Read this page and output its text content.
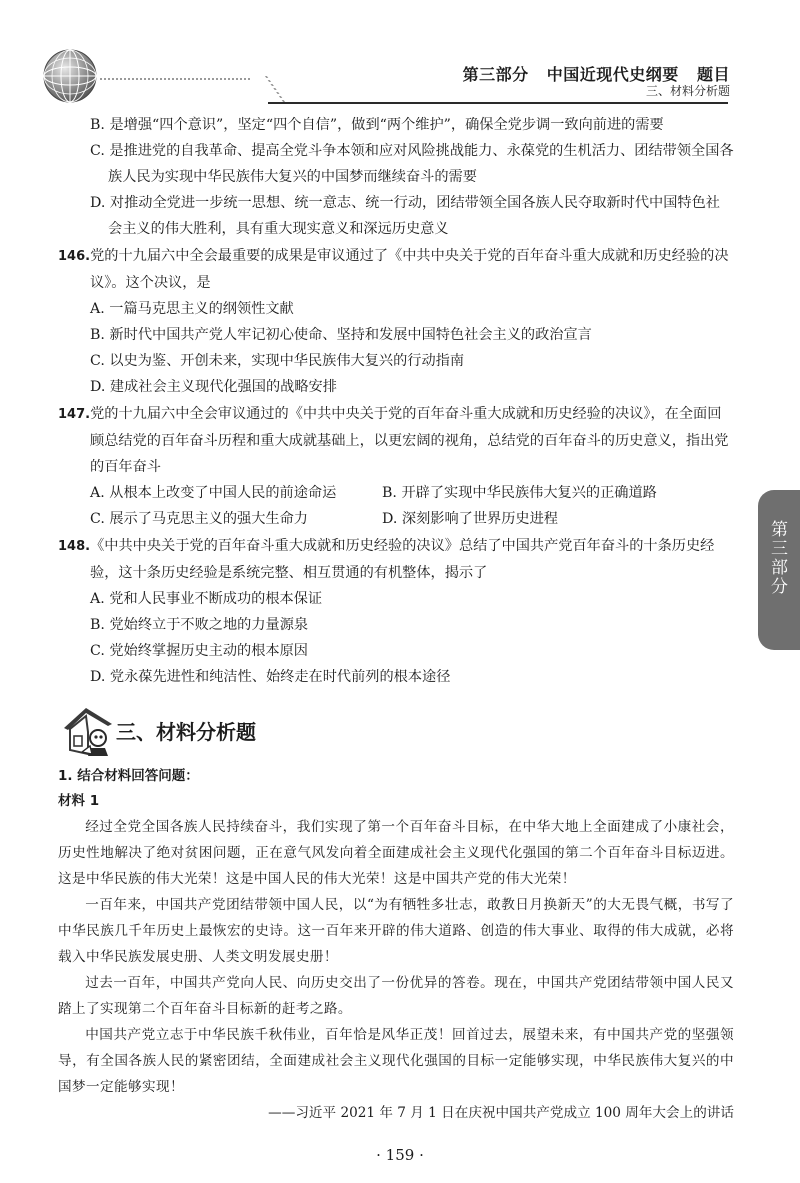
第三部分   中国近现代史纲要   题目
三、材料分析题
第三部分
B. 是增强“四个意识”，坚定“四个自信”，做到“两个维护”，确保全党步调一致向前进的需要
C. 是推进党的自我革命、提高全党斗争本领和应对风险挑战能力、永葆党的生机活力、团结带领全国各族人民为实现中华民族伟大复兴的中国梦而继续奋斗的需要
D. 对推动全党进一步统一思想、统一意志、统一行动，团结带领全国各族人民夺取新时代中国特色社会主义的伟大胜利，具有重大现实意义和深远历史意义
146.党的十九届六中全会最重要的成果是审议通过了《中共中央关于党的百年奋斗重大成就和历史经验的决议》。这个决议，是
A. 一篇马克思主义的纲领性文献
B. 新时代中国共产党人牢记初心使命、坚持和发展中国特色社会主义的政治宣言
C. 以史为鉴、开创未来，实现中华民族伟大复兴的行动指南
D. 建成社会主义现代化强国的战略安排
147.党的十九届六中全会审议通过的《中共中央关于党的百年奋斗重大成就和历史经验的决议》，在全面回顾总结党的百年奋斗历程和重大成就基础上，以更宏阔的视角，总结党的百年奋斗的历史意义，指出党的百年奋斗
A. 从根本上改变了中国人民的前途命运	B. 开辟了实现中华民族伟大复兴的正确道路
C. 展示了马克思主义的强大生命力	D. 深刻影响了世界历史进程
148.《中共中央关于党的百年奋斗重大成就和历史经验的决议》总结了中国共产党百年奋斗的十条历史经验，这十条历史经验是系统完整、相互贯通的有机整体，揭示了
A. 党和人民事业不断成功的根本保证
B. 党始终立于不败之地的力量源泉
C. 党始终掌握历史主动的根本原因
D. 党永葆先进性和纯洁性、始终走在时代前列的根本途径
三、材料分析题
1. 结合材料回答问题：
材料 1
经过全党全国各族人民持续奋斗，我们实现了第一个百年奋斗目标，在中华大地上全面建成了小康社会，历史性地解决了绝对贫困问题，正在意气风发向着全面建成社会主义现代化强国的第二个百年奋斗目标迈进。这是中华民族的伟大光荣！这是中国人民的伟大光荣！这是中国共产党的伟大光荣！
一百年来，中国共产党团结带领中国人民，以“为有牺牲多壮志，敢教日月换新天”的大无畏气概，书写了中华民族几千年历史上最恢宏的史诗。这一百年来开辟的伟大道路、创造的伟大事业、取得的伟大成就，必将载入中华民族发展史册、人类文明发展史册！
过去一百年，中国共产党向人民、向历史交出了一份优异的答卷。现在，中国共产党团结带领中国人民又踏上了实现第二个百年奋斗目标新的赶考之路。
中国共产党立志于中华民族千秋伟业，百年恰是风华正茂！回首过去，展望未来，有中国共产党的坚强领导，有全国各族人民的紧密团结，全面建成社会主义现代化强国的目标一定能够实现，中华民族伟大复兴的中国梦一定能够实现！
——习近平 2021 年 7 月 1 日在庆祝中国共产党成立 100 周年大会上的讲话
· 159 ·
